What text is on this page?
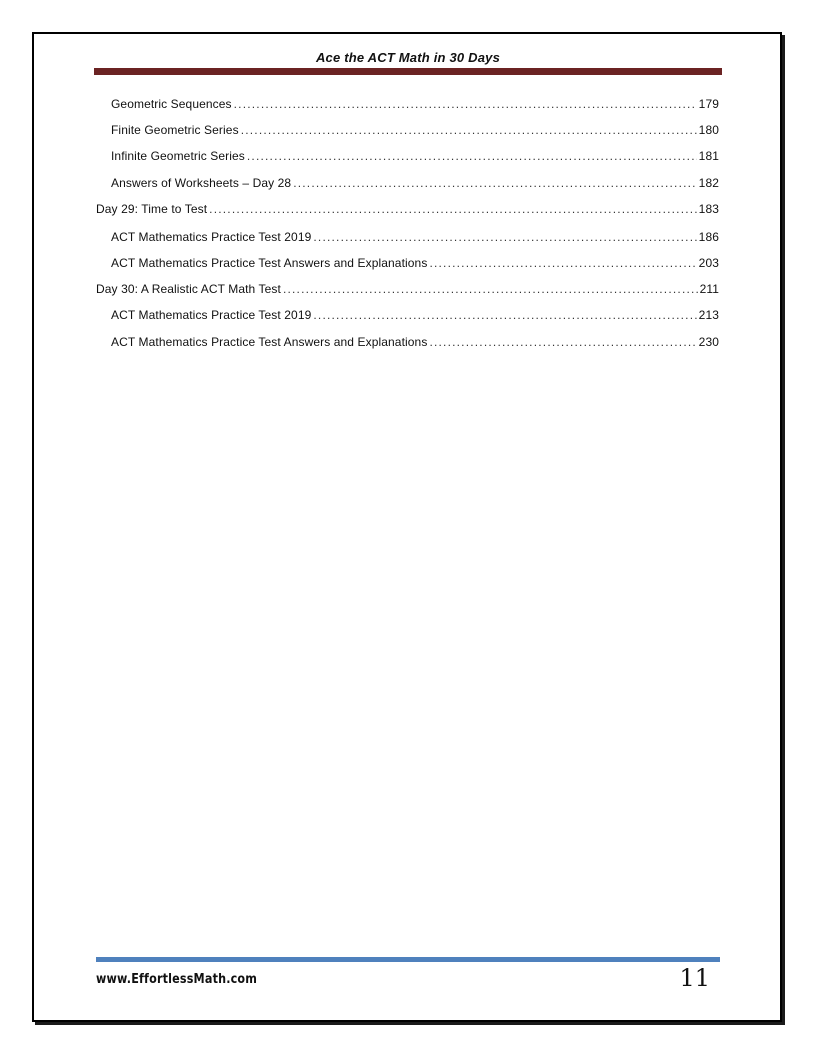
Ace the ACT Math in 30 Days
Geometric Sequences .....	179
Finite Geometric Series .....	180
Infinite Geometric Series .....	181
Answers of Worksheets – Day 28 .....	182
Day 29: Time to Test .....	183
ACT Mathematics Practice Test 2019 .....	186
ACT Mathematics Practice Test Answers and Explanations .....	203
Day 30: A Realistic ACT Math Test .....	211
ACT Mathematics Practice Test 2019 .....	213
ACT Mathematics Practice Test Answers and Explanations .....	230
www.EffortlessMath.com	11
